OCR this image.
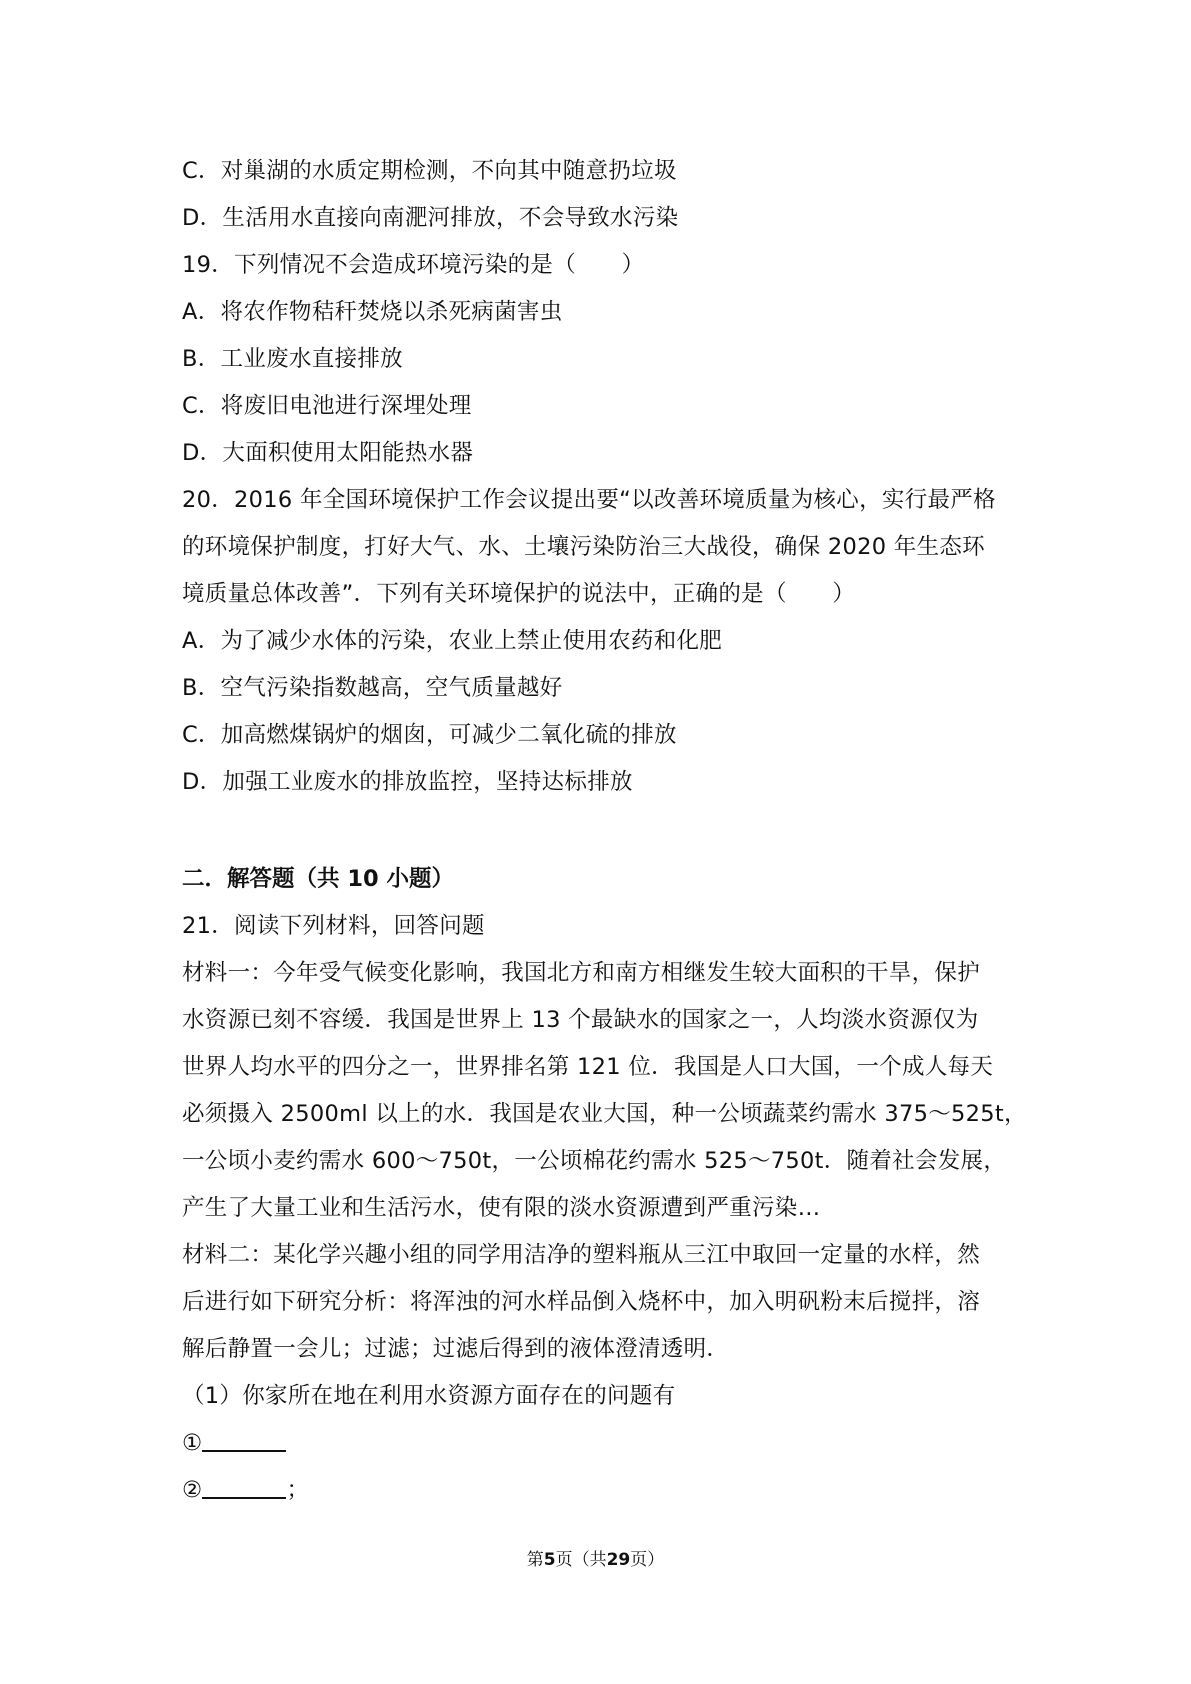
C．对巢湖的水质定期检测，不向其中随意扔垃圾
D．生活用水直接向南淝河排放，不会导致水污染
19．下列情况不会造成环境污染的是（　　）
A．将农作物秸秆焚烧以杀死病菌害虫
B．工业废水直接排放
C．将废旧电池进行深埋处理
D．大面积使用太阳能热水器
20．2016 年全国环境保护工作会议提出要“以改善环境质量为核心，实行最严格
的环境保护制度，打好大气、水、土壤污染防治三大战役，确保 2020 年生态环
境质量总体改善”．下列有关环境保护的说法中，正确的是（　　）
A．为了减少水体的污染，农业上禁止使用农药和化肥
B．空气污染指数越高，空气质量越好
C．加高燃煤锅炉的烟囱，可减少二氧化硫的排放
D．加强工业废水的排放监控，坚持达标排放
二．解答题（共 10 小题）
21．阅读下列材料，回答问题
材料一：今年受气候变化影响，我国北方和南方相继发生较大面积的干旱，保护
水资源已刻不容缓．我国是世界上 13 个最缺水的国家之一，人均淡水资源仅为
世界人均水平的四分之一，世界排名第 121 位．我国是人口大国，一个成人每天
必须摄入 2500ml 以上的水．我国是农业大国，种一公顷蔬菜约需水 375～525t，
一公顷小麦约需水 600～750t，一公顷棉花约需水 525～750t．随着社会发展，
产生了大量工业和生活污水，使有限的淡水资源遭到严重污染…
材料二：某化学兴趣小组的同学用洁净的塑料瓶从三江中取回一定量的水样，然
后进行如下研究分析：将浑浊的河水样品倒入烧杯中，加入明矾粉末后搅拌，溶
解后静置一会儿；过滤；过滤后得到的液体澄清透明．
（1）你家所在地在利用水资源方面存在的问题有
①
②	；
第5页（共29页）
